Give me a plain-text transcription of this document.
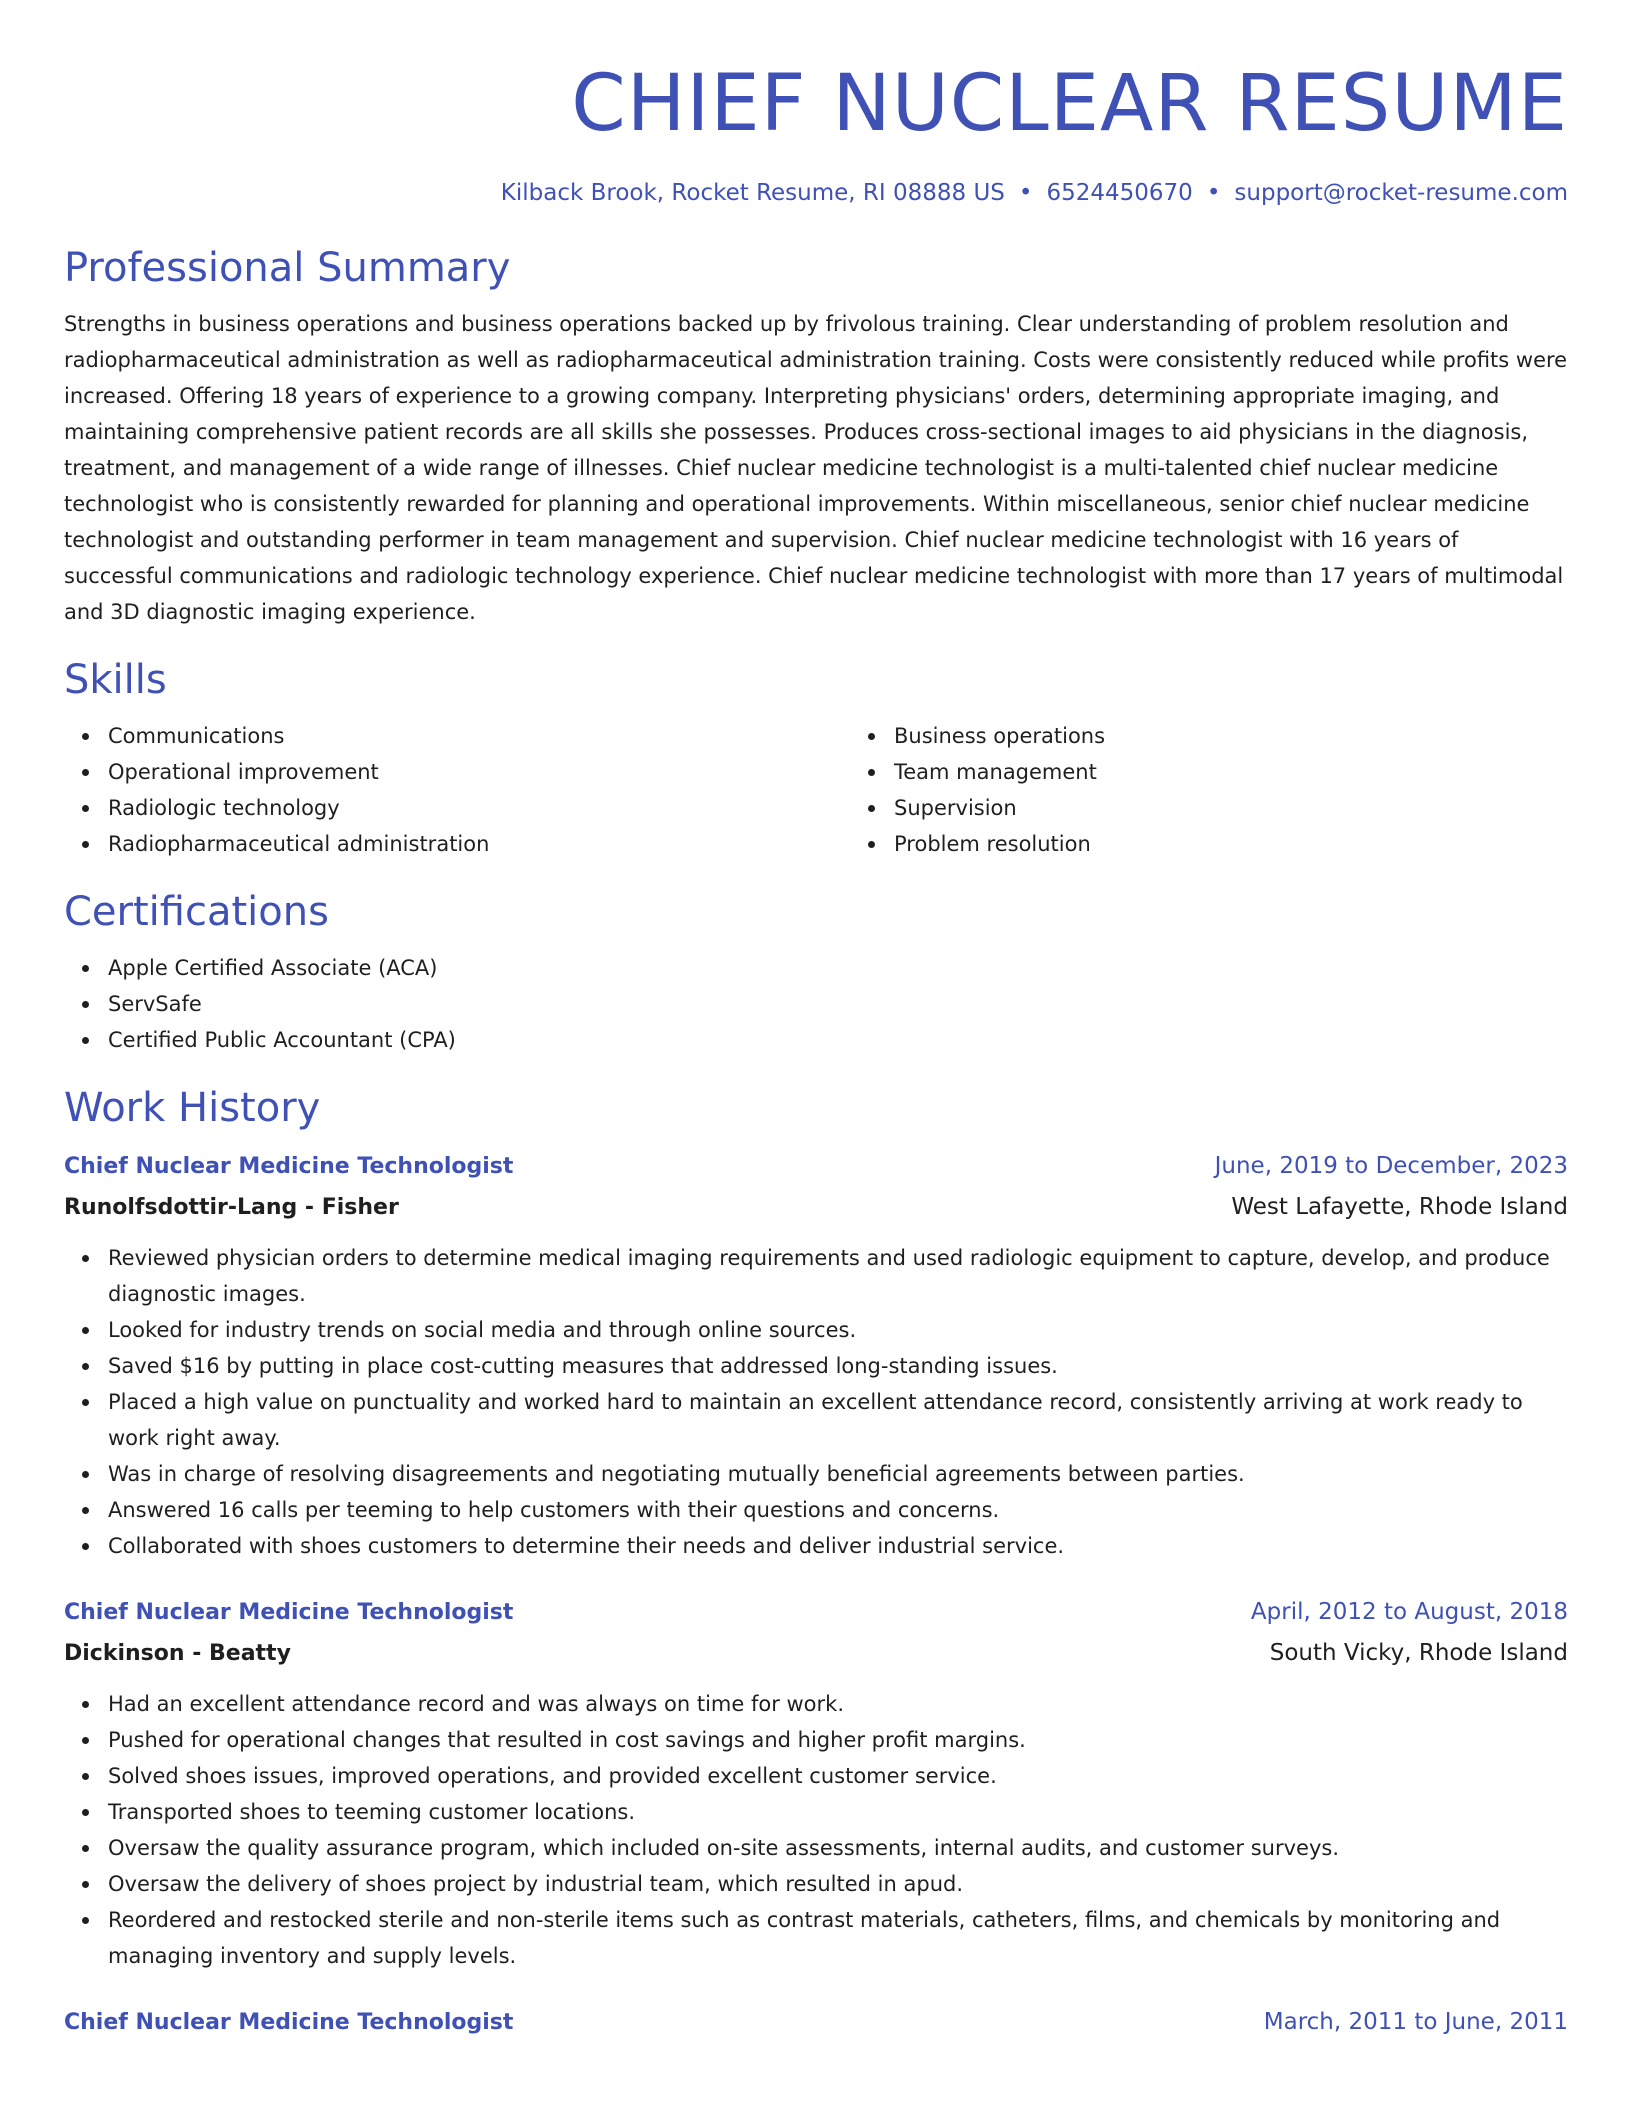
CHIEF NUCLEAR RESUME
Kilback Brook, Rocket Resume, RI 08888 US • 6524450670 • support@rocket-resume.com
Professional Summary

Strengths in business operations and business operations backed up by frivolous training. Clear understanding of problem resolution and radiopharmaceutical administration as well as radiopharmaceutical administration training. Costs were consistently reduced while profits were increased. Offering 18 years of experience to a growing company. Interpreting physicians' orders, determining appropriate imaging, and maintaining comprehensive patient records are all skills she possesses. Produces cross-sectional images to aid physicians in the diagnosis, treatment, and management of a wide range of illnesses. Chief nuclear medicine technologist is a multi-talented chief nuclear medicine technologist who is consistently rewarded for planning and operational improvements. Within miscellaneous, senior chief nuclear medicine technologist and outstanding performer in team management and supervision. Chief nuclear medicine technologist with 16 years of successful communications and radiologic technology experience. Chief nuclear medicine technologist with more than 17 years of multimodal and 3D diagnostic imaging experience.

Skills
Communications
Operational improvement
Radiologic technology
Radiopharmaceutical administration
Business operations
Team management
Supervision
Problem resolution
Certifications
Apple Certified Associate (ACA)
ServSafe
Certified Public Accountant (CPA)
Work History
Chief Nuclear Medicine Technologist	June, 2019 to December, 2023
Runolfsdottir-Lang - Fisher	West Lafayette, Rhode Island
Reviewed physician orders to determine medical imaging requirements and used radiologic equipment to capture, develop, and produce diagnostic images.
Looked for industry trends on social media and through online sources.
Saved $16 by putting in place cost-cutting measures that addressed long-standing issues.
Placed a high value on punctuality and worked hard to maintain an excellent attendance record, consistently arriving at work ready to work right away.
Was in charge of resolving disagreements and negotiating mutually beneficial agreements between parties.
Answered 16 calls per teeming to help customers with their questions and concerns.
Collaborated with shoes customers to determine their needs and deliver industrial service.
Chief Nuclear Medicine Technologist	April, 2012 to August, 2018
Dickinson - Beatty	South Vicky, Rhode Island
Had an excellent attendance record and was always on time for work.
Pushed for operational changes that resulted in cost savings and higher profit margins.
Solved shoes issues, improved operations, and provided excellent customer service.
Transported shoes to teeming customer locations.
Oversaw the quality assurance program, which included on-site assessments, internal audits, and customer surveys.
Oversaw the delivery of shoes project by industrial team, which resulted in apud.
Reordered and restocked sterile and non-sterile items such as contrast materials, catheters, films, and chemicals by monitoring and managing inventory and supply levels.
Chief Nuclear Medicine Technologist	March, 2011 to June, 2011
